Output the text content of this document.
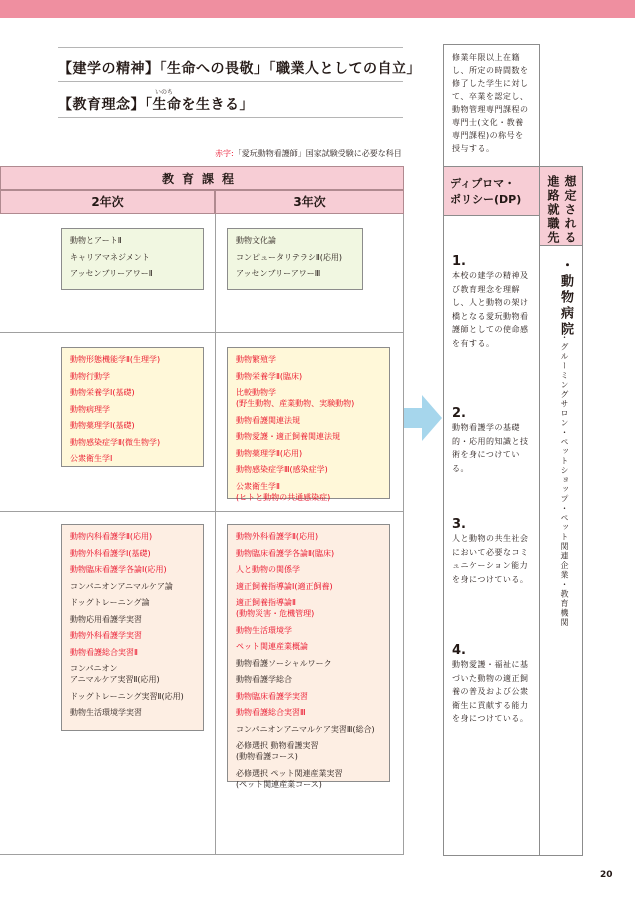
【建学の精神】「生命への畏敬」「職業人としての自立」
いのち
【教育理念】「生命を生きる」
赤字:「愛玩動物看護師」国家試験受験に必要な科目
教育課程
2年次	3年次
動物とアートⅡ
キャリアマネジメント
アッセンブリーアワーⅡ
動物文化論
コンピュータリテラシⅡ(応用)
アッセンブリーアワーⅢ
動物形態機能学Ⅱ(生理学)
動物行動学
動物栄養学Ⅰ(基礎)
動物病理学
動物薬理学Ⅰ(基礎)
動物感染症学Ⅱ(微生物学)
公衆衛生学Ⅰ
動物繁殖学
動物栄養学Ⅱ(臨床)
比較動物学
(野生動物、産業動物、実験動物)
動物看護関連法規
動物愛護・適正飼養関連法規
動物薬理学Ⅱ(応用)
動物感染症学Ⅲ(感染症学)
公衆衛生学Ⅱ
(ヒトと動物の共通感染症)
動物内科看護学Ⅱ(応用)
動物外科看護学Ⅰ(基礎)
動物臨床看護学各論Ⅰ(応用)
コンパニオンアニマルケア論
ドッグトレーニング論
動物応用看護学実習
動物外科看護学実習
動物看護総合実習Ⅱ
コンパニオン
アニマルケア実習Ⅱ(応用)
ドッグトレーニング実習Ⅱ(応用)
動物生活環境学実習
動物外科看護学Ⅱ(応用)
動物臨床看護学各論Ⅱ(臨床)
人と動物の関係学
適正飼養指導論Ⅰ(適正飼養)
適正飼養指導論Ⅱ
(動物災害・危機管理)
動物生活環境学
ペット関連産業概論
動物看護ソーシャルワーク
動物看護学総合
動物臨床看護学実習
動物看護総合実習Ⅲ
コンパニオンアニマルケア実習Ⅲ(総合)
必修選択 動物看護実習
(動物看護コース)
必修選択 ペット関連産業実習
(ペット関連産業コース)
修業年限以上在籍し、所定の時間数を修了した学生に対して、卒業を認定し、動物管理専門課程の専門士(文化・教養専門課程)の称号を授与する。
ディプロマ・
ポリシー(DP)
1.
本校の建学の精神及び教育理念を理解し、人と動物の架け橋となる愛玩動物看護師としての使命感を有する。
2.
動物看護学の基礎的・応用的知識と技術を身につけている。
3.
人と動物の共生社会において必要なコミュニケーション能力を身につけている。
4.
動物愛護・福祉に基づいた動物の適正飼養の普及および公衆衛生に貢献する能力を身につけている。
想定される
進路就職先
・動物病院
・グルーミングサロン・ペットショップ・ペット関連企業・教育機関
20
